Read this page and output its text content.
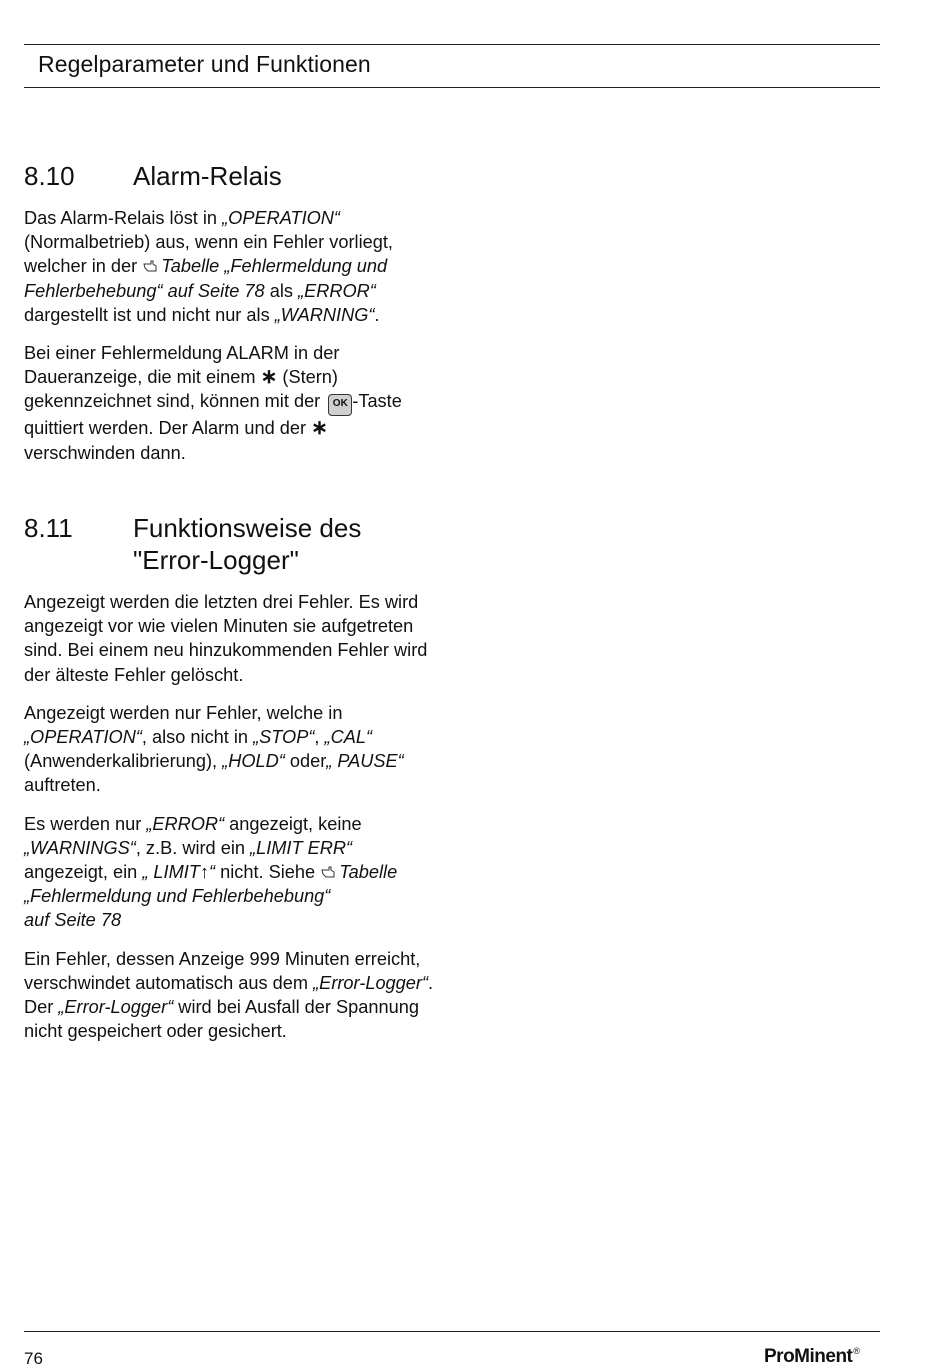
Regelparameter und Funktionen
8.10	Alarm-Relais

Das Alarm-Relais löst in „OPERATION“ (Normalbetrieb) aus, wenn ein Fehler vorliegt, welcher in der Tabelle „Fehlermeldung und Fehlerbehebung“ auf Seite 78 als „ERROR“ dargestellt ist und nicht nur als „WARNING“.

Bei einer Fehlermeldung ALARM in der Daueranzeige, die mit einem ∗ (Stern) gekennzeichnet sind, können mit der OK -Taste quittiert werden. Der Alarm und der ∗ verschwinden dann.

8.11	Funktionsweise des
"Error-Logger"

Angezeigt werden die letzten drei Fehler. Es wird angezeigt vor wie vielen Minuten sie aufgetreten sind. Bei einem neu hinzukommenden Fehler wird der älteste Fehler gelöscht.

Angezeigt werden nur Fehler, welche in „OPERATION“, also nicht in „STOP“, „CAL“ (Anwenderkalibrierung), „HOLD“ oder„ PAUSE“ auftreten.

Es werden nur „ERROR“ angezeigt, keine „WARNINGS“, z.B. wird ein „LIMIT ERR“ angezeigt, ein „ LIMIT↑“ nicht. Siehe Tabelle „Fehlermeldung und Fehlerbehebung“
auf Seite 78

Ein Fehler, dessen Anzeige 999 Minuten erreicht, verschwindet automatisch aus dem „Error-Logger“. Der „Error-Logger“ wird bei Ausfall der Spannung nicht gespeichert oder gesichert.

76	ProMinent®
